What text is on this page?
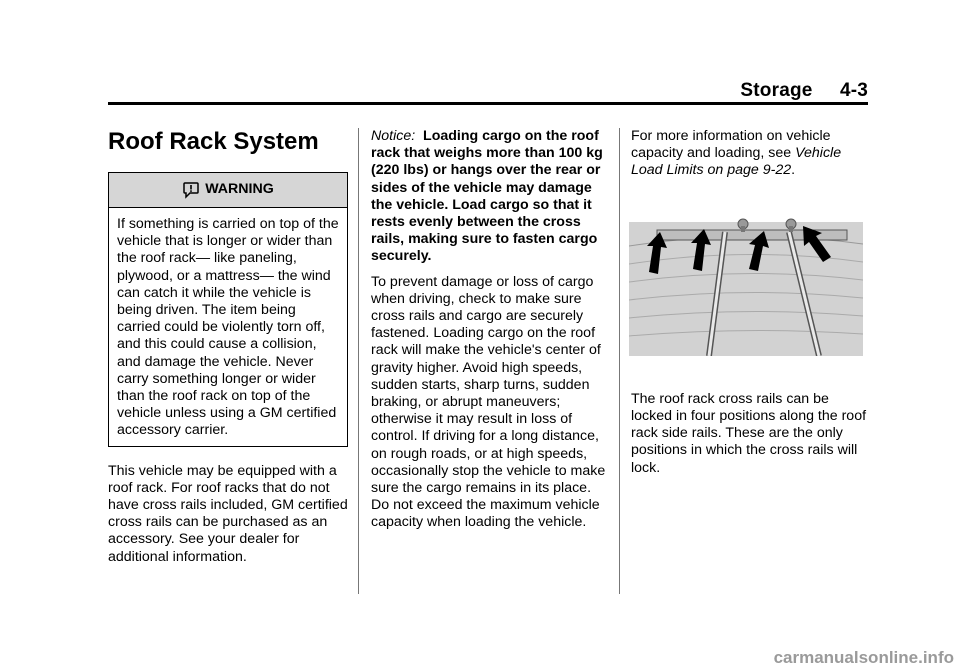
Storage 4-3
Roof Rack System
WARNING
If something is carried on top of the vehicle that is longer or wider than the roof rack— like paneling, plywood, or a mattress— the wind can catch it while the vehicle is being driven. The item being carried could be violently torn off, and this could cause a collision, and damage the vehicle. Never carry something longer or wider than the roof rack on top of the vehicle unless using a GM certified accessory carrier.

This vehicle may be equipped with a roof rack. For roof racks that do not have cross rails included, GM certified cross rails can be purchased as an accessory. See your dealer for additional information.

Notice: Loading cargo on the roof rack that weighs more than 100 kg (220 lbs) or hangs over the rear or sides of the vehicle may damage the vehicle. Load cargo so that it rests evenly between the cross rails, making sure to fasten cargo securely.

To prevent damage or loss of cargo when driving, check to make sure cross rails and cargo are securely fastened. Loading cargo on the roof rack will make the vehicle's center of gravity higher. Avoid high speeds, sudden starts, sharp turns, sudden braking, or abrupt maneuvers; otherwise it may result in loss of control. If driving for a long distance, on rough roads, or at high speeds, occasionally stop the vehicle to make sure the cargo remains in its place. Do not exceed the maximum vehicle capacity when loading the vehicle.

For more information on vehicle capacity and loading, see Vehicle Load Limits on page 9-22.

The roof rack cross rails can be locked in four positions along the roof rack side rails. These are the only positions in which the cross rails will lock.

carmanualsonline.info
